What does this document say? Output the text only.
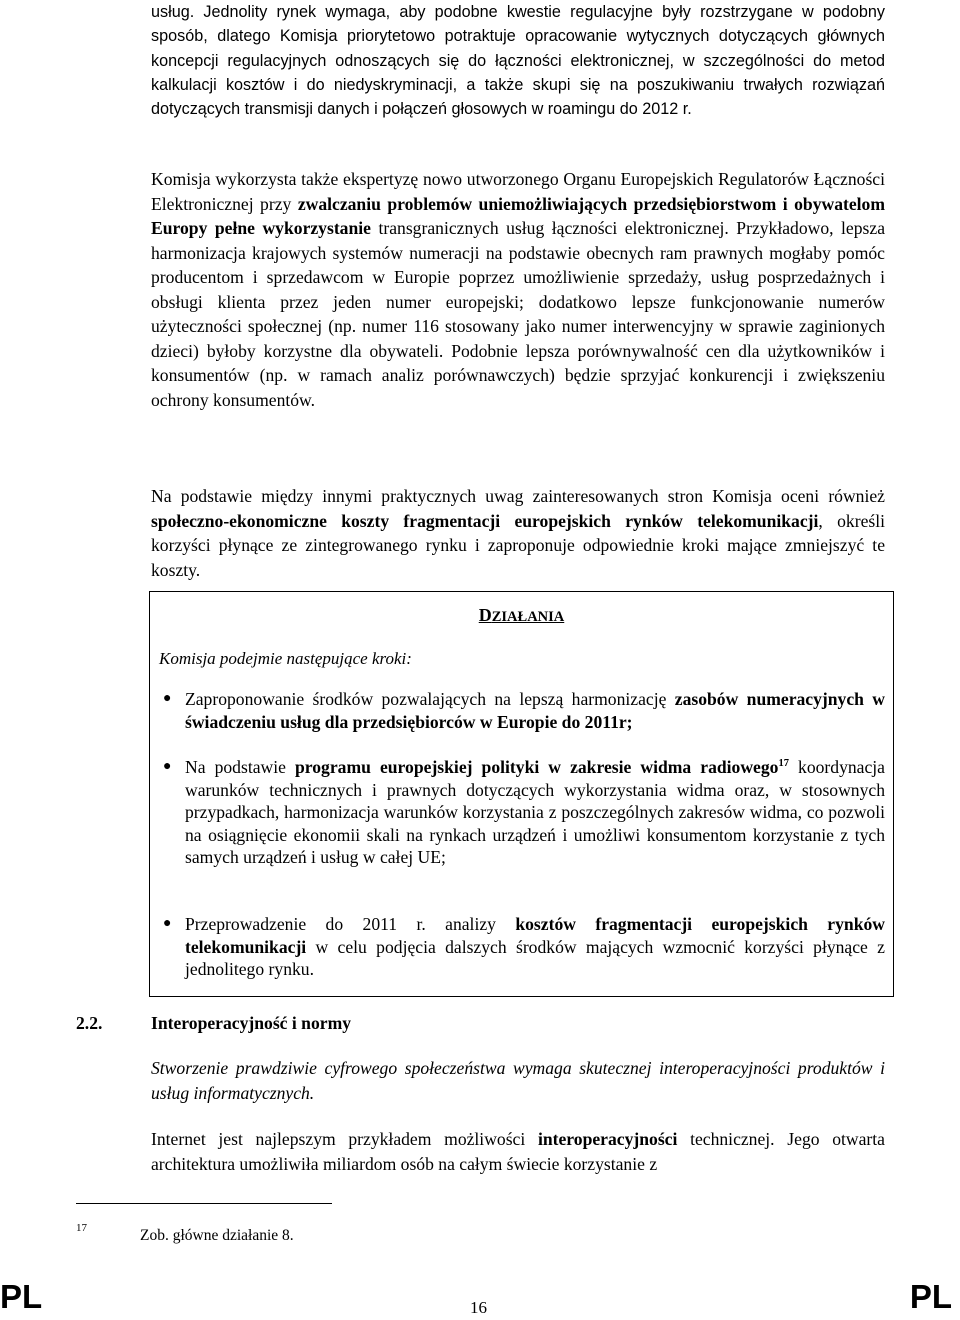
usług. Jednolity rynek wymaga, aby podobne kwestie regulacyjne były rozstrzygane w podobny sposób, dlatego Komisja priorytetowo potraktuje opracowanie wytycznych dotyczących głównych koncepcji regulacyjnych odnoszących się do łączności elektronicznej, w szczególności do metod kalkulacji kosztów i do niedyskryminacji, a także skupi się na poszukiwaniu trwałych rozwiązań dotyczących transmisji danych i połączeń głosowych w roamingu do 2012 r.

Komisja wykorzysta także ekspertyzę nowo utworzonego Organu Europejskich Regulatorów Łączności Elektronicznej przy zwalczaniu problemów uniemożliwiających przedsiębiorstwom i obywatelom Europy pełne wykorzystanie transgranicznych usług łączności elektronicznej. Przykładowo, lepsza harmonizacja krajowych systemów numeracji na podstawie obecnych ram prawnych mogłaby pomóc producentom i sprzedawcom w Europie poprzez umożliwienie sprzedaży, usług posprzedażnych i obsługi klienta przez jeden numer europejski; dodatkowo lepsze funkcjonowanie numerów użyteczności społecznej (np. numer 116 stosowany jako numer interwencyjny w sprawie zaginionych dzieci) byłoby korzystne dla obywateli. Podobnie lepsza porównywalność cen dla użytkowników i konsumentów (np. w ramach analiz porównawczych) będzie sprzyjać konkurencji i zwiększeniu ochrony konsumentów.

Na podstawie między innymi praktycznych uwag zainteresowanych stron Komisja oceni również społeczno-ekonomiczne koszty fragmentacji europejskich rynków telekomunikacji, określi korzyści płynące ze zintegrowanego rynku i zaproponuje odpowiednie kroki mające zmniejszyć te koszty.

DZIAŁANIA
Komisja podejmie następujące kroki:
● Zaproponowanie środków pozwalających na lepszą harmonizację zasobów numeracyjnych w świadczeniu usług dla przedsiębiorców w Europie do 2011r;

● Na podstawie programu europejskiej polityki w zakresie widma radiowego$^{17}$ koordynacja warunków technicznych i prawnych dotyczących wykorzystania widma oraz, w stosownych przypadkach, harmonizacja warunków korzystania z poszczególnych zakresów widma, co pozwoli na osiągnięcie ekonomii skali na rynkach urządzeń i umożliwi konsumentom korzystanie z tych samych urządzeń i usług w całej UE;

● Przeprowadzenie do 2011 r. analizy kosztów fragmentacji europejskich rynków telekomunikacji w celu podjęcia dalszych środków mających wzmocnić korzyści płynące z jednolitego rynku.

2.2.	Interoperacyjność i normy

Stworzenie prawdziwie cyfrowego społeczeństwa wymaga skutecznej interoperacyjności produktów i usług informatycznych.

Internet jest najlepszym przykładem możliwości interoperacyjności technicznej. Jego otwarta architektura umożliwiła miliardom osób na całym świecie korzystanie z

17	Zob. główne działanie 8.
PL	16	PL
